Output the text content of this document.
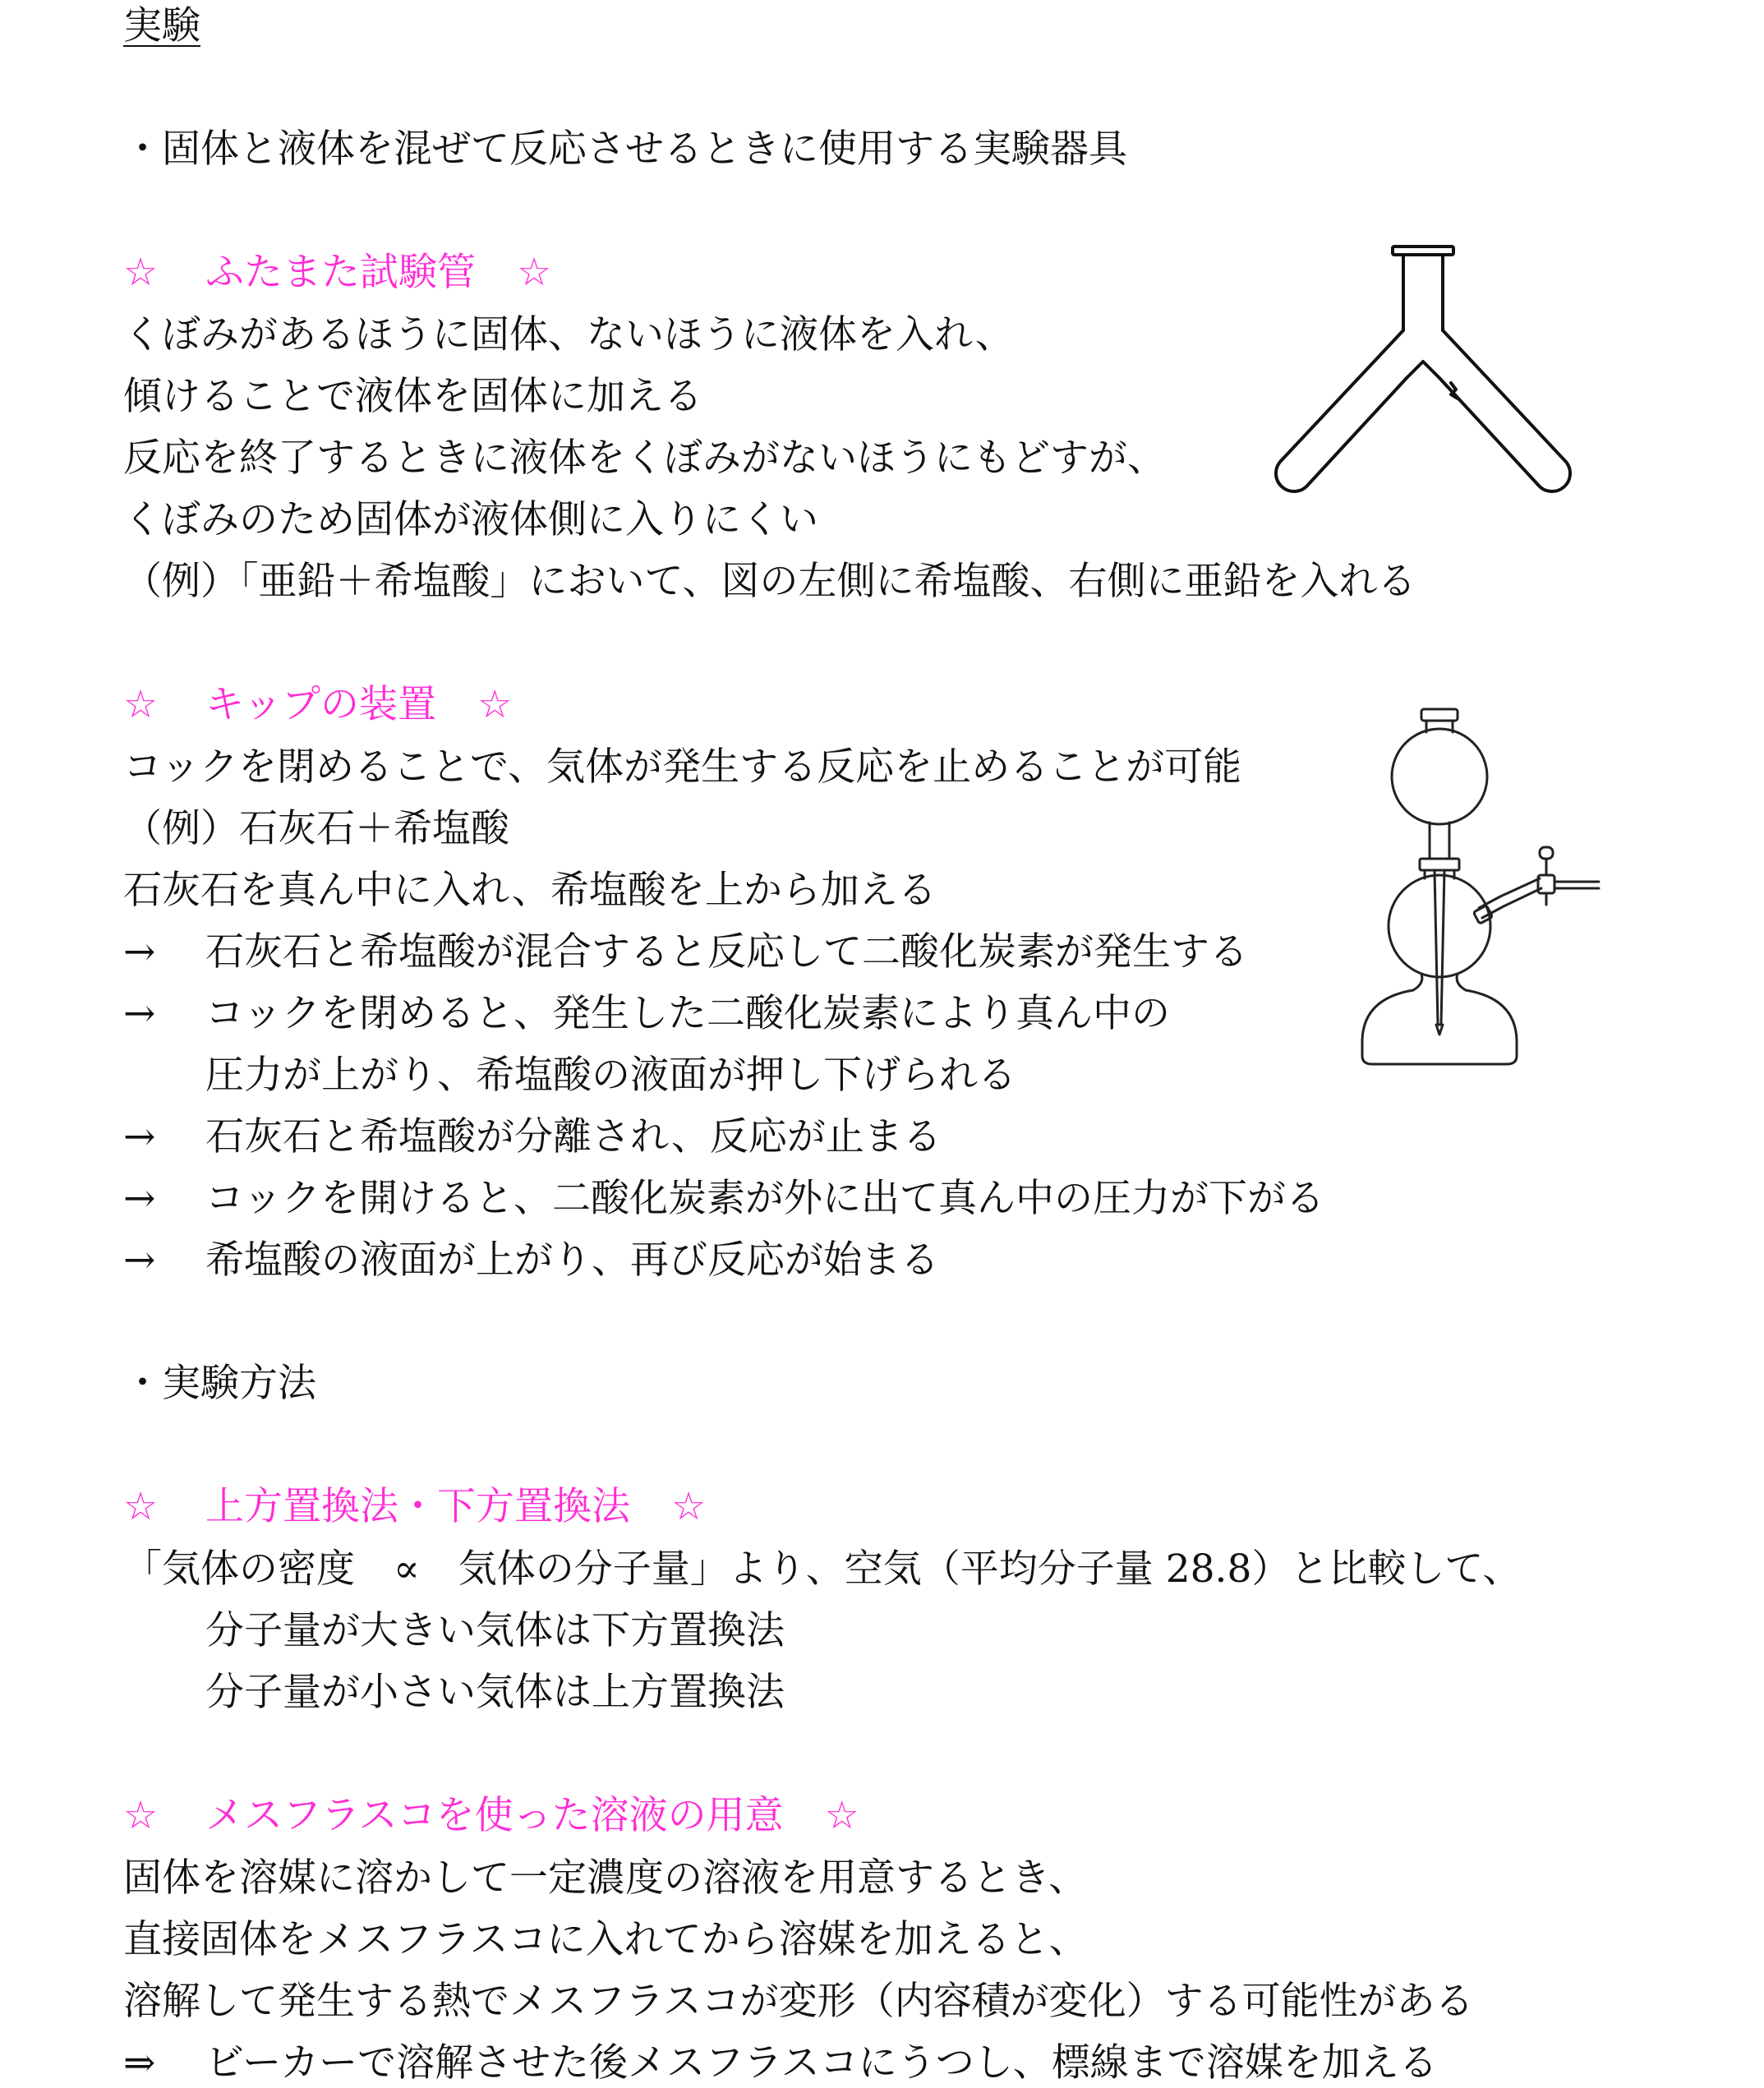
実験
・固体と液体を混ぜて反応させるときに使用する実験器具
☆ ふたまた試験管 ☆
くぼみがあるほうに固体、ないほうに液体を入れ、
傾けることで液体を固体に加える
反応を終了するときに液体をくぼみがないほうにもどすが、
くぼみのため固体が液体側に入りにくい
（例）「亜鉛＋希塩酸」において、図の左側に希塩酸、右側に亜鉛を入れる
☆ キップの装置 ☆
コックを閉めることで、気体が発生する反応を止めることが可能
（例）石灰石＋希塩酸
石灰石を真ん中に入れ、希塩酸を上から加える
→ 石灰石と希塩酸が混合すると反応して二酸化炭素が発生する
→ コックを閉めると、発生した二酸化炭素により真ん中の
圧力が上がり、希塩酸の液面が押し下げられる
→ 石灰石と希塩酸が分離され、反応が止まる
→ コックを開けると、二酸化炭素が外に出て真ん中の圧力が下がる
→ 希塩酸の液面が上がり、再び反応が始まる
・実験方法
☆ 上方置換法・下方置換法 ☆
「気体の密度　∝　気体の分子量」より、空気（平均分子量 28.8）と比較して、
分子量が大きい気体は下方置換法
分子量が小さい気体は上方置換法
☆ メスフラスコを使った溶液の用意 ☆
固体を溶媒に溶かして一定濃度の溶液を用意するとき、
直接固体をメスフラスコに入れてから溶媒を加えると、
溶解して発生する熱でメスフラスコが変形（内容積が変化）する可能性がある
⇒ ビーカーで溶解させた後メスフラスコにうつし、標線まで溶媒を加える
